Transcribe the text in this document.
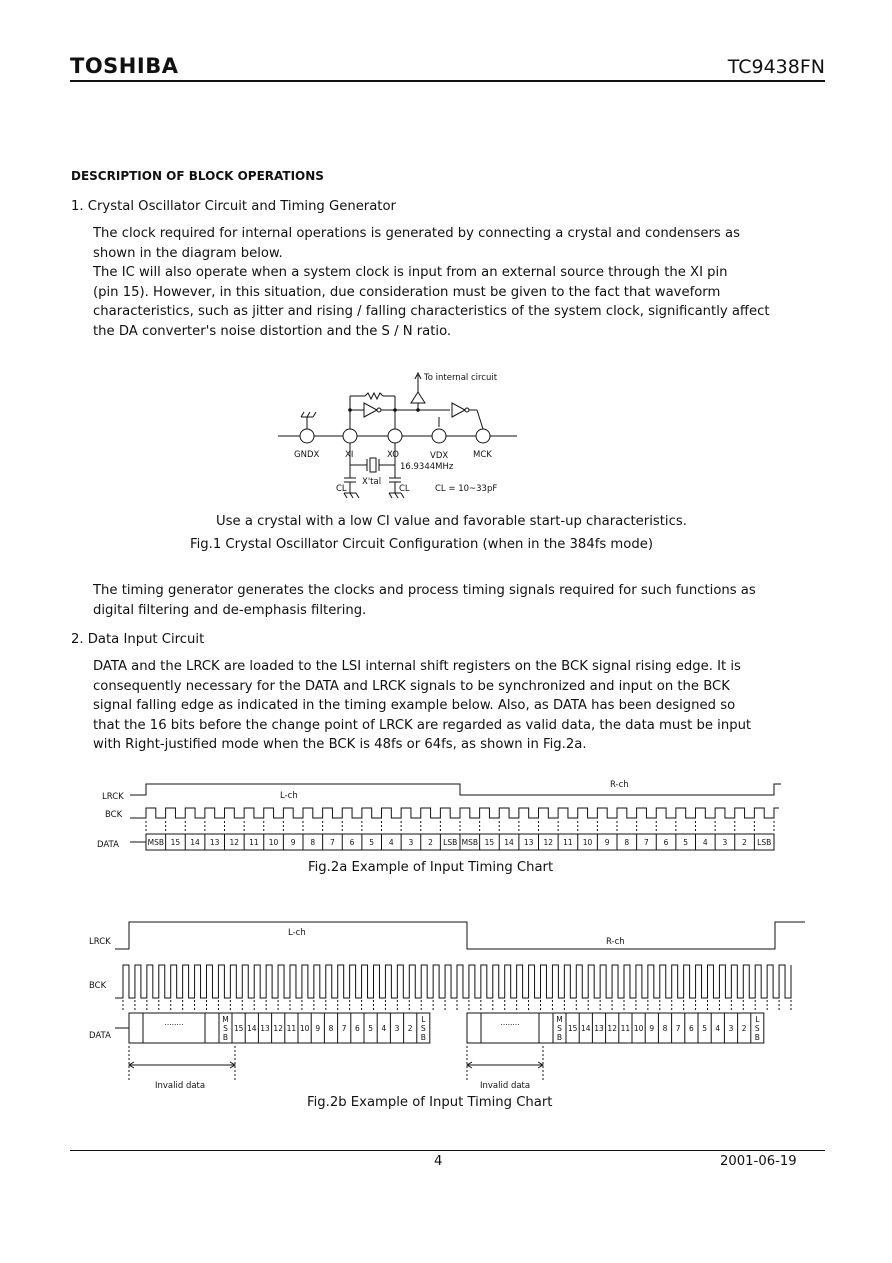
TOSHIBA	TC9438FN
DESCRIPTION OF BLOCK OPERATIONS
1. Crystal Oscillator Circuit and Timing Generator
The clock required for internal operations is generated by connecting a crystal and condensers as
shown in the diagram below.
The IC will also operate when a system clock is input from an external source through the XI pin
(pin 15). However, in this situation, due consideration must be given to the fact that waveform
characteristics, such as jitter and rising / falling characteristics of the system clock, significantly affect
the DA converter's noise distortion and the S / N ratio.
To internal circuit
GNDX	XI	XO	VDX	MCK
16.9344MHz
X'tal
CL	CL	CL = 10~33pF
Use a crystal with a low CI value and favorable start-up characteristics.
Fig.1 Crystal Oscillator Circuit Configuration (when in the 384fs mode)
The timing generator generates the clocks and process timing signals required for such functions as
digital filtering and de-emphasis filtering.
2. Data Input Circuit
DATA and the LRCK are loaded to the LSI internal shift registers on the BCK signal rising edge. It is
consequently necessary for the DATA and LRCK signals to be synchronized and input on the BCK
signal falling edge as indicated in the timing example below. Also, as DATA has been designed so
that the 16 bits before the change point of LRCK are regarded as valid data, the data must be input
with Right-justified mode when the BCK is 48fs or 64fs, as shown in Fig.2a.
LRCK
BCK
DATA
L-ch
R-ch
MSB 15 14 13 12 11 10 9 8 7 6 5 4 3 2 LSB MSB 15 14 13 12 11 10 9 8 7 6 5 4 3 2 LSB
Fig.2a Example of Input Timing Chart
LRCK
BCK
DATA
L-ch
R-ch
Invalid data	Invalid data
........	M
S
B
L
S
B
15 14 13 12 11 10 9 8 7 6 5 4 3 2
........	M
S
B
L
S
B
15 14 13 12 11 10 9 8 7 6 5 4 3 2
Fig.2b Example of Input Timing Chart
4	2001-06-19
